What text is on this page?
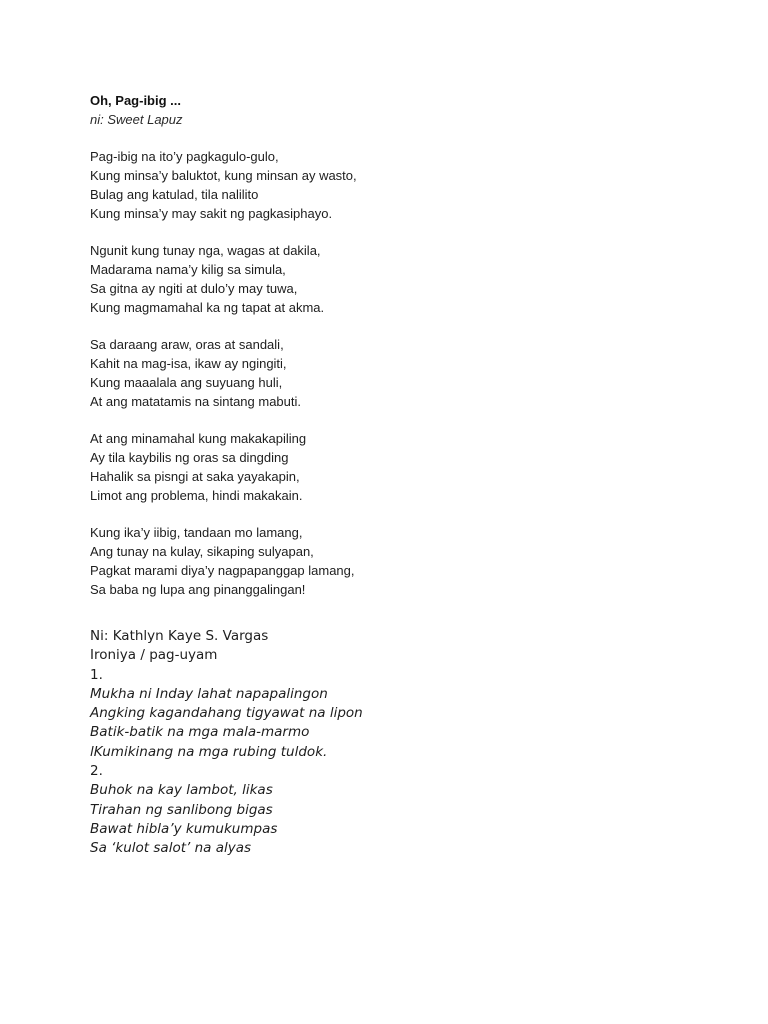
Oh, Pag-ibig ...
ni: Sweet Lapuz
Pag-ibig na ito’y pagkagulo-gulo,
Kung minsa’y baluktot, kung minsan ay wasto,
Bulag ang katulad, tila nalilito
Kung minsa’y may sakit ng pagkasiphayo.
Ngunit kung tunay nga, wagas at dakila,
Madarama nama’y kilig sa simula,
Sa gitna ay ngiti at dulo’y may tuwa,
Kung magmamahal ka ng tapat at akma.
Sa daraang araw, oras at sandali,
Kahit na mag-isa, ikaw ay ngingiti,
Kung maaalala ang suyuang huli,
At ang matatamis na sintang mabuti.
At ang minamahal kung makakapiling
Ay tila kaybilis ng oras sa dingding
Hahalik sa pisngi at saka yayakapin,
Limot ang problema, hindi makakain.
Kung ika’y iibig, tandaan mo lamang,
Ang tunay na kulay, sikaping sulyapan,
Pagkat marami diya’y nagpapanggap lamang,
Sa baba ng lupa ang pinanggalingan!
Ni: Kathlyn Kaye S. Vargas
Ironiya / pag-uyam
1.
Mukha ni Inday lahat napapalingon
Angking kagandahang tigyawat na lipon
Batik-batik na mga mala-marmo
lKumikinang na mga rubing tuldok.
2.
Buhok na kay lambot, likas
Tirahan ng sanlibong bigas
Bawat hibla’y kumukumpas
Sa ‘kulot salot’ na alyas
